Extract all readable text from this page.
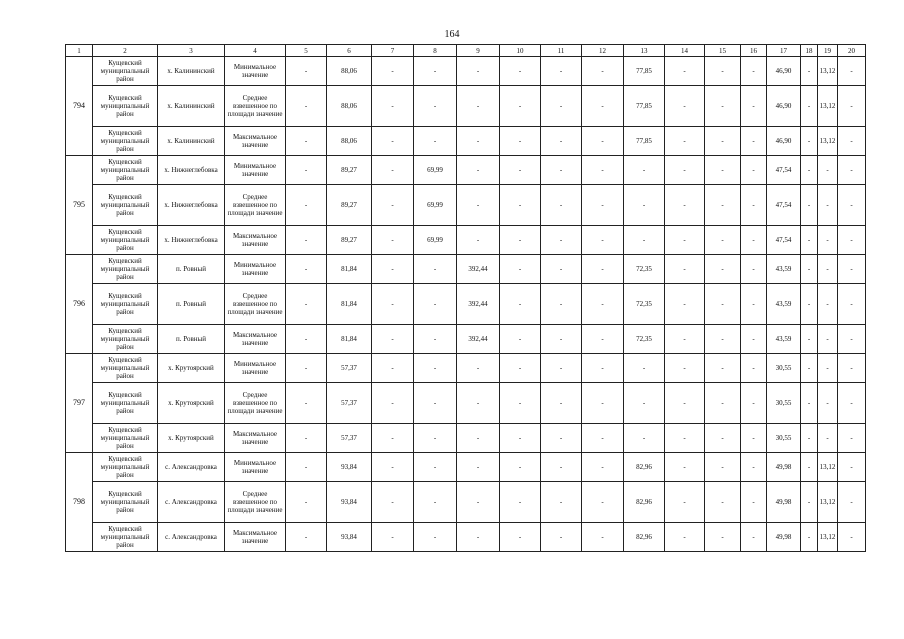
164
1	2	3	4	5	6	7	8	9	10	11	12	13	14	15	16	17	18	19	20
794	Кущевский муниципальный район	х. Калининский	Минимальное значение	-	88,06	-	-	-	-	-	-	77,85	-	-	-	46,90	-	13,12	-
	Кущевский муниципальный район	х. Калининский	Среднее взвешенное по площади значение	-	88,06	-	-	-	-	-	-	77,85	-	-	-	46,90	-	13,12	-
	Кущевский муниципальный район	х. Калининский	Максимальное значение	-	88,06	-	-	-	-	-	-	77,85	-	-	-	46,90	-	13,12	-
795	Кущевский муниципальный район	х. Нижнеглебовка	Минимальное значение	-	89,27	-	69,99	-	-	-	-	-	-	-	-	47,54	-	-	-
	Кущевский муниципальный район	х. Нижнеглебовка	Среднее взвешенное по площади значение	-	89,27	-	69,99	-	-	-	-	-	-	-	-	47,54	-	-	-
	Кущевский муниципальный район	х. Нижнеглебовка	Максимальное значение	-	89,27	-	69,99	-	-	-	-	-	-	-	-	47,54	-	-	-
796	Кущевский муниципальный район	п. Ровный	Минимальное значение	-	81,84	-	-	392,44	-	-	-	72,35	-	-	-	43,59	-	-	-
	Кущевский муниципальный район	п. Ровный	Среднее взвешенное по площади значение	-	81,84	-	-	392,44	-	-	-	72,35	-	-	-	43,59	-	-	-
	Кущевский муниципальный район	п. Ровный	Максимальное значение	-	81,84	-	-	392,44	-	-	-	72,35	-	-	-	43,59	-	-	-
797	Кущевский муниципальный район	х. Крутоярский	Минимальное значение	-	57,37	-	-	-	-	-	-	-	-	-	-	30,55	-	-	-
	Кущевский муниципальный район	х. Крутоярский	Среднее взвешенное по площади значение	-	57,37	-	-	-	-	-	-	-	-	-	-	30,55	-	-	-
	Кущевский муниципальный район	х. Крутоярский	Максимальное значение	-	57,37	-	-	-	-	-	-	-	-	-	-	30,55	-	-	-
798	Кущевский муниципальный район	с. Александровка	Минимальное значение	-	93,84	-	-	-	-	-	-	82,96	-	-	-	49,98	-	13,12	-
	Кущевский муниципальный район	с. Александровка	Среднее взвешенное по площади значение	-	93,84	-	-	-	-	-	-	82,96	-	-	-	49,98	-	13,12	-
	Кущевский муниципальный район	с. Александровка	Максимальное значение	-	93,84	-	-	-	-	-	-	82,96	-	-	-	49,98	-	13,12	-
